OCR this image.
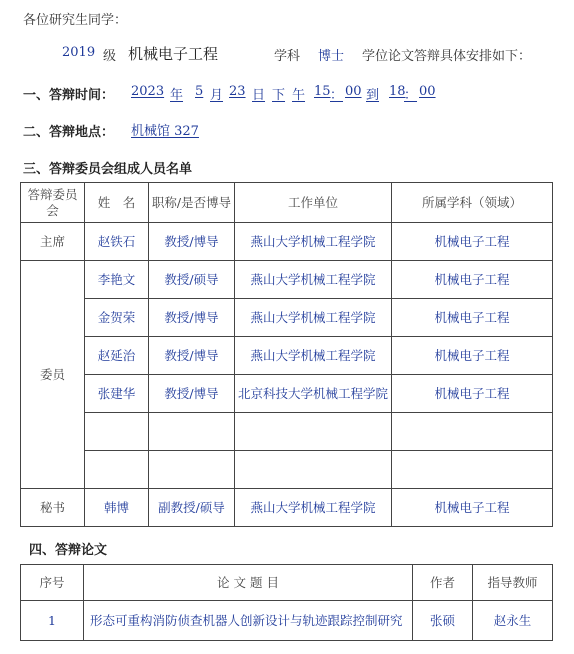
各位研究生同学：
2019 级 机械电子工程	学科 博士 学位论文答辩具体安排如下：
一、答辩时间： 2023 年 5 月 23 日 下 午 15 ： 00 到 18
： 00
二、答辩地点： 机械馆 327
三、答辩委员会组成人员名单
答辩委员会	姓　名	职称/是否博导	工作单位	所属学科（领域）
主席	赵铁石	教授/博导	燕山大学机械工程学院	机械电子工程
委员	李艳文	教授/硕导	燕山大学机械工程学院	机械电子工程
	金贺荣	教授/博导	燕山大学机械工程学院	机械电子工程
	赵延治	教授/博导	燕山大学机械工程学院	机械电子工程
	张建华	教授/博导	北京科技大学机械工程学院	机械电子工程

秘书	韩博	副教授/硕导	燕山大学机械工程学院	机械电子工程
四、答辩论文
序号	论 文 题 目	作者	指导教师
1	形态可重构消防侦查机器人创新设计与轨迹跟踪控制研究	张硕	赵永生
